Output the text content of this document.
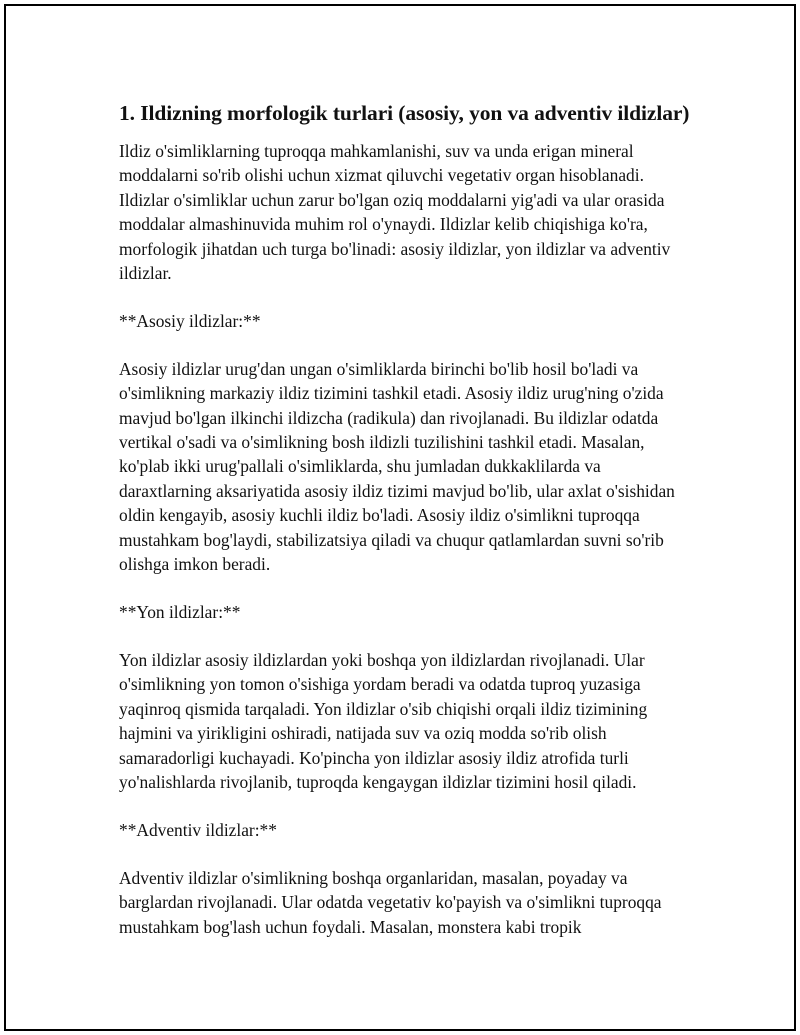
1. Ildizning morfologik turlari (asosiy, yon va adventiv ildizlar)

Ildiz o'simliklarning tuproqqa mahkamlanishi, suv va unda erigan mineral moddalarni so'rib olishi uchun xizmat qiluvchi vegetativ organ hisoblanadi. Ildizlar o'simliklar uchun zarur bo'lgan oziq moddalarni yig'adi va ular orasida moddalar almashinuvida muhim rol o'ynaydi. Ildizlar kelib chiqishiga ko'ra, morfologik jihatdan uch turga bo'linadi: asosiy ildizlar, yon ildizlar va adventiv ildizlar.

**Asosiy ildizlar:**

Asosiy ildizlar urug'dan ungan o'simliklarda birinchi bo'lib hosil bo'ladi va o'simlikning markaziy ildiz tizimini tashkil etadi. Asosiy ildiz urug'ning o'zida mavjud bo'lgan ilkinchi ildizcha (radikula) dan rivojlanadi. Bu ildizlar odatda vertikal o'sadi va o'simlikning bosh ildizli tuzilishini tashkil etadi. Masalan, ko'plab ikki urug'pallali o'simliklarda, shu jumladan dukkaklilarda va daraxtlarning aksariyatida asosiy ildiz tizimi mavjud bo'lib, ular axlat o'sishidan oldin kengayib, asosiy kuchli ildiz bo'ladi. Asosiy ildiz o'simlikni tuproqqa mustahkam bog'laydi, stabilizatsiya qiladi va chuqur qatlamlardan suvni so'rib olishga imkon beradi.

**Yon ildizlar:**

Yon ildizlar asosiy ildizlardan yoki boshqa yon ildizlardan rivojlanadi. Ular o'simlikning yon tomon o'sishiga yordam beradi va odatda tuproq yuzasiga yaqinroq qismida tarqaladi. Yon ildizlar o'sib chiqishi orqali ildiz tizimining hajmini va yirikligini oshiradi, natijada suv va oziq modda so'rib olish samaradorligi kuchayadi. Ko'pincha yon ildizlar asosiy ildiz atrofida turli yo'nalishlarda rivojlanib, tuproqda kengaygan ildizlar tizimini hosil qiladi.

**Adventiv ildizlar:**

Adventiv ildizlar o'simlikning boshqa organlaridan, masalan, poyaday va barglardan rivojlanadi. Ular odatda vegetativ ko'payish va o'simlikni tuproqqa mustahkam bog'lash uchun foydali. Masalan, monstera kabi tropik
